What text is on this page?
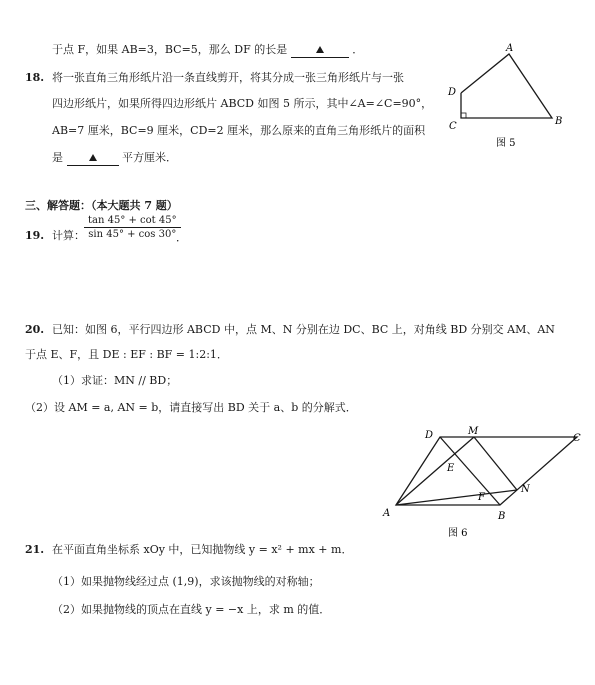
于点 F，如果 AB=3，BC=5，那么 DF 的长是	．
18. 将一张直角三角形纸片沿一条直线剪开，将其分成一张三角形纸片与一张
四边形纸片，如果所得四边形纸片 ABCD 如图 5 所示，其中∠A=∠C=90°，
AB=7 厘米，BC=9 厘米，CD=2 厘米，那么原来的直角三角形纸片的面积
是	平方厘米．
A
B
C
D
图 5
三、解答题：（本大题共 7 题）
19. 计算： $\frac{\tan 45^\circ + \cot 45^\circ}{\sin 45^\circ + \cos 30^\circ}$
．
20. 已知：如图 6，平行四边形 ABCD 中，点 M、N 分别在边 DC、BC 上，对角线 BD 分别交 AM、AN
于点 E、F，且 DE : EF : BF = 1:2:1．
（1）求证：MN // BD；
（2）设 AM = a, AN = b，请直接写出 BD 关于 a、b 的分解式．
A	B
C
D	M
N
E
F
图 6
21. 在平面直角坐标系 xOy 中，已知抛物线 y = x² + mx + m．
（1）如果抛物线经过点 (1,9)，求该抛物线的对称轴；
（2）如果抛物线的顶点在直线 y = −x 上，求 m 的值．
